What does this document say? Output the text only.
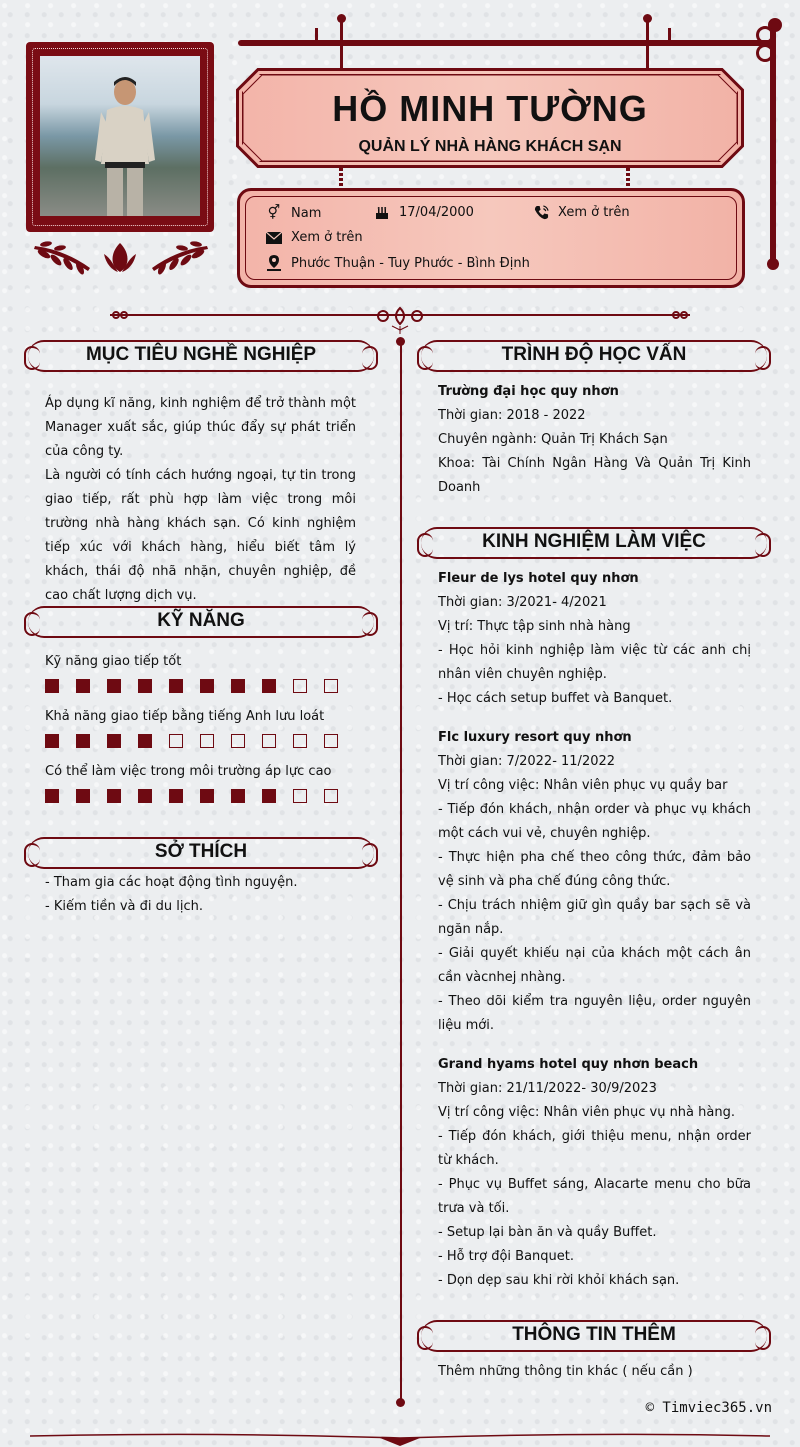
HỒ MINH TƯỜNG
QUẢN LÝ NHÀ HÀNG KHÁCH SẠN
⚥ Nam	17/04/2000	Xem ở trên
Xem ở trên
Phước Thuận - Tuy Phước - Bình Định
MỤC TIÊU NGHỀ NGHIỆP
Áp dụng kĩ năng, kinh nghiệm để trở thành một Manager xuất sắc, giúp thúc đẩy sự phát triển của công ty.
Là người có tính cách hướng ngoại, tự tin trong giao tiếp, rất phù hợp làm việc trong môi trường nhà hàng khách sạn. Có kinh nghiệm tiếp xúc với khách hàng, hiểu biết tâm lý khách, thái độ nhã nhặn, chuyên nghiệp, đề cao chất lượng dịch vụ.
KỸ NĂNG
Kỹ năng giao tiếp tốt
Khả năng giao tiếp bằng tiếng Anh lưu loát
Có thể làm việc trong môi trường áp lực cao
SỞ THÍCH
- Tham gia các hoạt động tình nguyện.
- Kiếm tiền và đi du lịch.
TRÌNH ĐỘ HỌC VẤN
Trường đại học quy nhơn
Thời gian: 2018 - 2022
Chuyên ngành: Quản Trị Khách Sạn
Khoa: Tài Chính Ngân Hàng Và Quản Trị Kinh Doanh
KINH NGHIỆM LÀM VIỆC
Fleur de lys hotel quy nhơn
Thời gian: 3/2021- 4/2021
Vị trí: Thực tập sinh nhà hàng
- Học hỏi kinh nghiệp làm việc từ các anh chị nhân viên chuyên nghiệp.
- Học cách setup buffet và Banquet.
Flc luxury resort quy nhơn
Thời gian: 7/2022- 11/2022
Vị trí công việc: Nhân viên phục vụ quầy bar
- Tiếp đón khách, nhận order và phục vụ khách một cách vui vẻ, chuyên nghiệp.
- Thực hiện pha chế theo công thức, đảm bảo vệ sinh và pha chế đúng công thức.
- Chịu trách nhiệm giữ gìn quầy bar sạch sẽ và ngăn nắp.
- Giải quyết khiếu nại của khách một cách ân cần vàcnhej nhàng.
- Theo dõi kiểm tra nguyên liệu, order nguyên liệu mới.
Grand hyams hotel quy nhơn beach
Thời gian: 21/11/2022- 30/9/2023
Vị trí công việc: Nhân viên phục vụ nhà hàng.
- Tiếp đón khách, giới thiệu menu, nhận order từ khách.
- Phục vụ Buffet sáng, Alacarte menu cho bữa trưa và tối.
- Setup lại bàn ăn và quầy Buffet.
- Hỗ trợ đội Banquet.
- Dọn dẹp sau khi rời khỏi khách sạn.
THÔNG TIN THÊM
Thêm những thông tin khác ( nếu cần )
© Timviec365.vn
